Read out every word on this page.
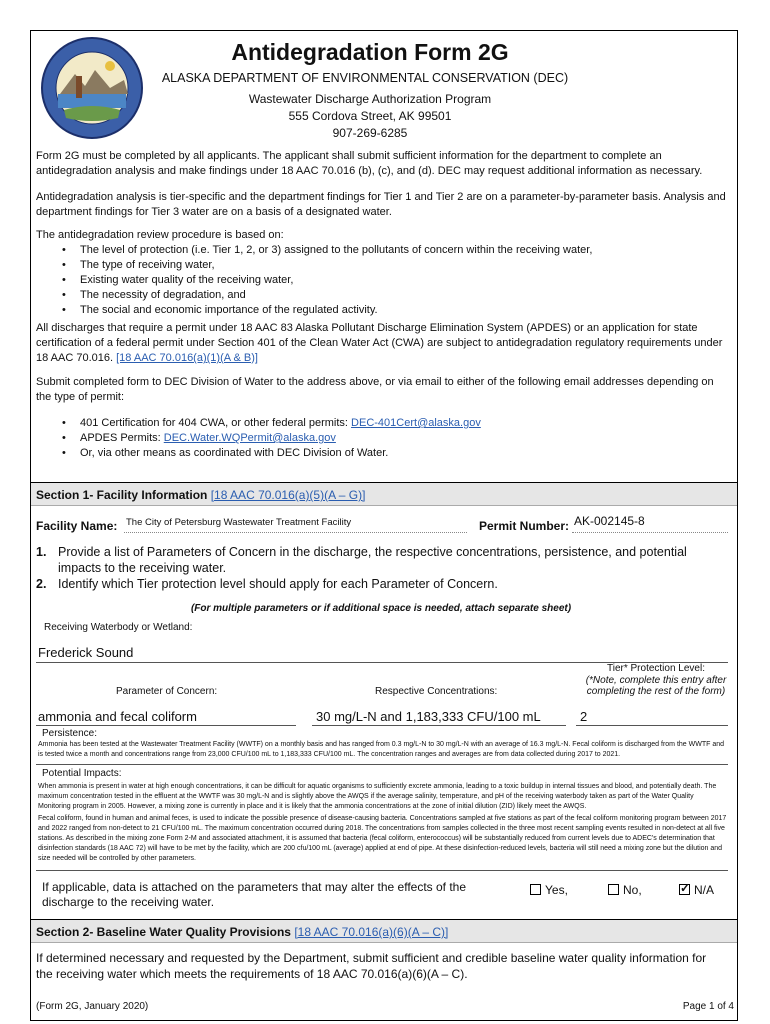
Antidegradation Form 2G
ALASKA DEPARTMENT OF ENVIRONMENTAL CONSERVATION (DEC)
Wastewater Discharge Authorization Program
555 Cordova Street, AK 99501
907-269-6285

Form 2G must be completed by all applicants. The applicant shall submit sufficient information for the department to complete an antidegradation analysis and make findings under 18 AAC 70.016 (b), (c), and (d). DEC may request additional information as necessary.

Antidegradation analysis is tier-specific and the department findings for Tier 1 and Tier 2 are on a parameter-by-parameter basis. Analysis and department findings for Tier 3 water are on a basis of a designated water.

The antidegradation review procedure is based on:

• The level of protection (i.e. Tier 1, 2, or 3) assigned to the pollutants of concern within the receiving water,
• The type of receiving water,
• Existing water quality of the receiving water,
• The necessity of degradation, and
• The social and economic importance of the regulated activity.

All discharges that require a permit under 18 AAC 83 Alaska Pollutant Discharge Elimination System (APDES) or an application for state certification of a federal permit under Section 401 of the Clean Water Act (CWA) are subject to antidegradation regulatory requirements under 18 AAC 70.016. [18 AAC 70.016(a)(1)(A & B)]

Submit completed form to DEC Division of Water to the address above, or via email to either of the following email addresses depending on the type of permit:

• 401 Certification for 404 CWA, or other federal permits: DEC-401Cert@alaska.gov
• APDES Permits: DEC.Water.WQPermit@alaska.gov
• Or, via other means as coordinated with DEC Division of Water.
Section 1- Facility Information [18 AAC 70.016(a)(5)(A – G)]
Facility Name: The City of Petersburg Wastewater Treatment Facility	Permit Number: AK-002145-8
1. Provide a list of Parameters of Concern in the discharge, the respective concentrations, persistence, and potential impacts to the receiving water.
2. Identify which Tier protection level should apply for each Parameter of Concern.
(For multiple parameters or if additional space is needed, attach separate sheet)
Receiving Waterbody or Wetland:
Frederick Sound
Parameter of Concern:	Respective Concentrations:
Tier* Protection Level:
(*Note, complete this entry after completing the rest of the form)
ammonia and fecal coliform	30 mg/L-N and 1,183,333 CFU/100 mL	2
Persistence:
Ammonia has been tested at the Wastewater Treatment Facility (WWTF) on a monthly basis and has ranged from 0.3 mg/L-N to 30 mg/L-N with an average of 16.3 mg/L-N. Fecal coliform is discharged from the WWTF and is tested twice a month and concentrations range from 23,000 CFU/100 mL to 1,183,333 CFU/100 mL. The concentration ranges and averages are from data collected during 2017 to 2021.
Potential Impacts:
When ammonia is present in water at high enough concentrations, it can be difficult for aquatic organisms to sufficiently excrete ammonia, leading to a toxic buildup in internal tissues and blood, and potentially death. The maximum concentration tested in the effluent at the WWTF was 30 mg/L-N and is slightly above the AWQS if the average salinity, temperature, and pH of the receiving waterbody taken as part of the Water Quality Monitoring program in 2005. However, a mixing zone is currently in place and it is likely that the ammonia concentrations at the zone of initial dilution (ZID) likely meet the AWQS.
Fecal coliform, found in human and animal feces, is used to indicate the possible presence of disease-causing bacteria. Concentrations sampled at five stations as part of the fecal coliform monitoring program between 2017 and 2022 ranged from non-detect to 21 CFU/100 mL. The maximum concentration occurred during 2018. The concentrations from samples collected in the three most recent sampling events resulted in non-detect at all five stations. As described in the mixing zone Form 2-M and associated attachment, it is assumed that bacteria (fecal coliform, enterococcus) will be substantially reduced from current levels due to ADEC's determination that disinfection standards (18 AAC 72) will have to be met by the facility, which are 200 cfu/100 mL (average) applied at end of pipe. At these disinfection-reduced levels, bacteria will still need a mixing zone but the dilution and size needed will be controlled by other parameters.
If applicable, data is attached on the parameters that may alter the effects of the discharge to the receiving water.
Yes,	No,
✓	N/A
Section 2- Baseline Water Quality Provisions [18 AAC 70.016(a)(6)(A – C)]

If determined necessary and requested by the Department, submit sufficient and credible baseline water quality information for the receiving water which meets the requirements of 18 AAC 70.016(a)(6)(A – C).

(Form 2G, January 2020)	Page 1 of 4
